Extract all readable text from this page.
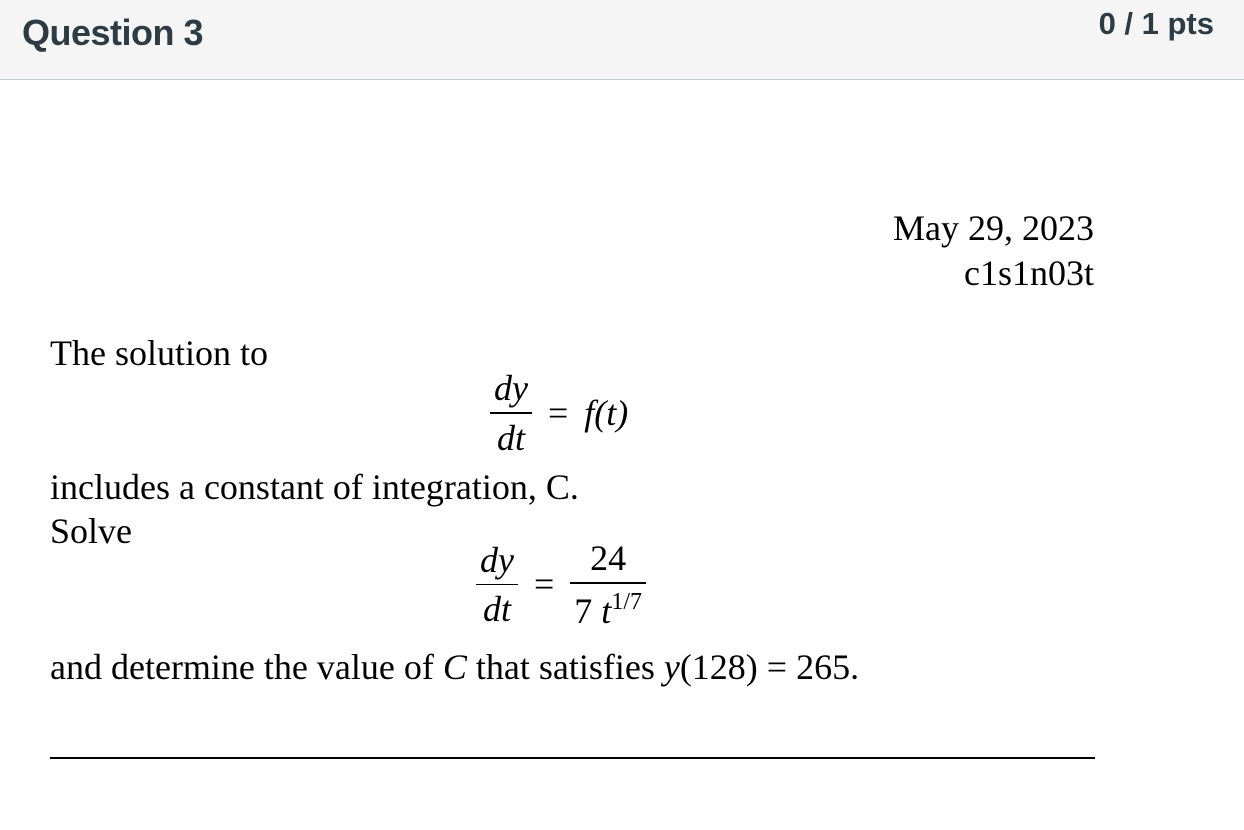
Question 3	0 / 1 pts
May 29, 2023
c1s1n03t
The solution to
$\frac{dy}{dt} = f(t)$
includes a constant of integration, C.
Solve
$\frac{dy}{dt} = \frac{24}{7 t^{1/7}}$
and determine the value of C that satisfies y(128) = 265.
